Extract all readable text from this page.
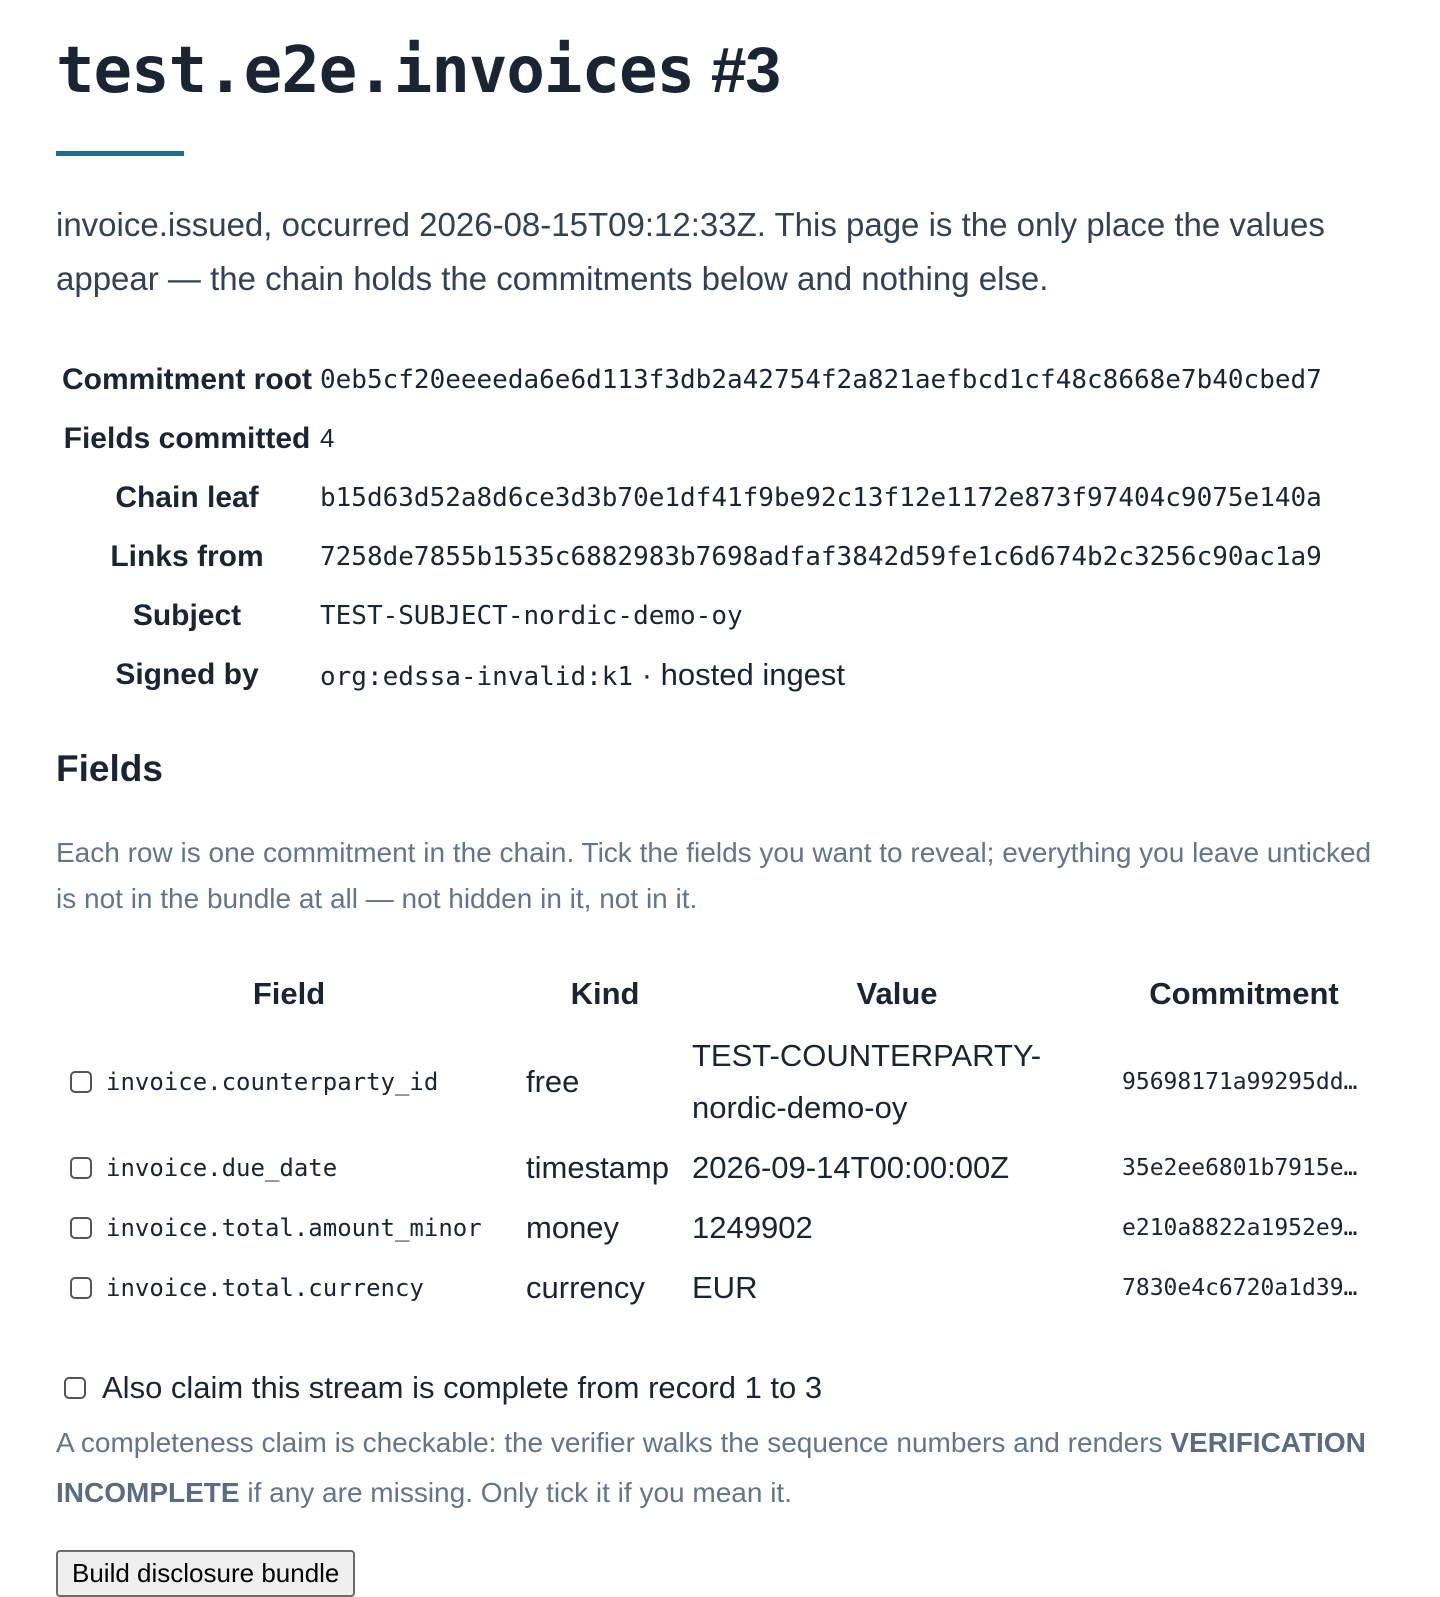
test.e2e.invoices #3

invoice.issued, occurred 2026-08-15T09:12:33Z. This page is the only place the values appear — the chain holds the commitments below and nothing else.

Commitment root	0eb5cf20eeeeda6e6d113f3db2a42754f2a821aefbcd1cf48c8668e7b40cbed7
Fields committed	4
Chain leaf	b15d63d52a8d6ce3d3b70e1df41f9be92c13f12e1172e873f97404c9075e140a
Links from	7258de7855b1535c6882983b7698adfaf3842d59fe1c6d674b2c3256c90ac1a9
Subject	TEST-SUBJECT-nordic-demo-oy
Signed by	org:edssa-invalid:k1 · hosted ingest
Fields

Each row is one commitment in the chain. Tick the fields you want to reveal; everything you leave unticked is not in the bundle at all — not hidden in it, not in it.

Field	Kind	Value	Commitment
invoice.counterparty_id	free	TEST-COUNTERPARTY-nordic-demo-oy	95698171a99295dd…
invoice.due_date	timestamp	2026-09-14T00:00:00Z	35e2ee6801b7915e…
invoice.total.amount_minor	money	1249902	e210a8822a1952e9…
invoice.total.currency	currency	EUR	7830e4c6720a1d39…
Also claim this stream is complete from record 1 to 3
A completeness claim is checkable: the verifier walks the sequence numbers and renders VERIFICATION INCOMPLETE if any are missing. Only tick it if you mean it.
Build disclosure bundle
